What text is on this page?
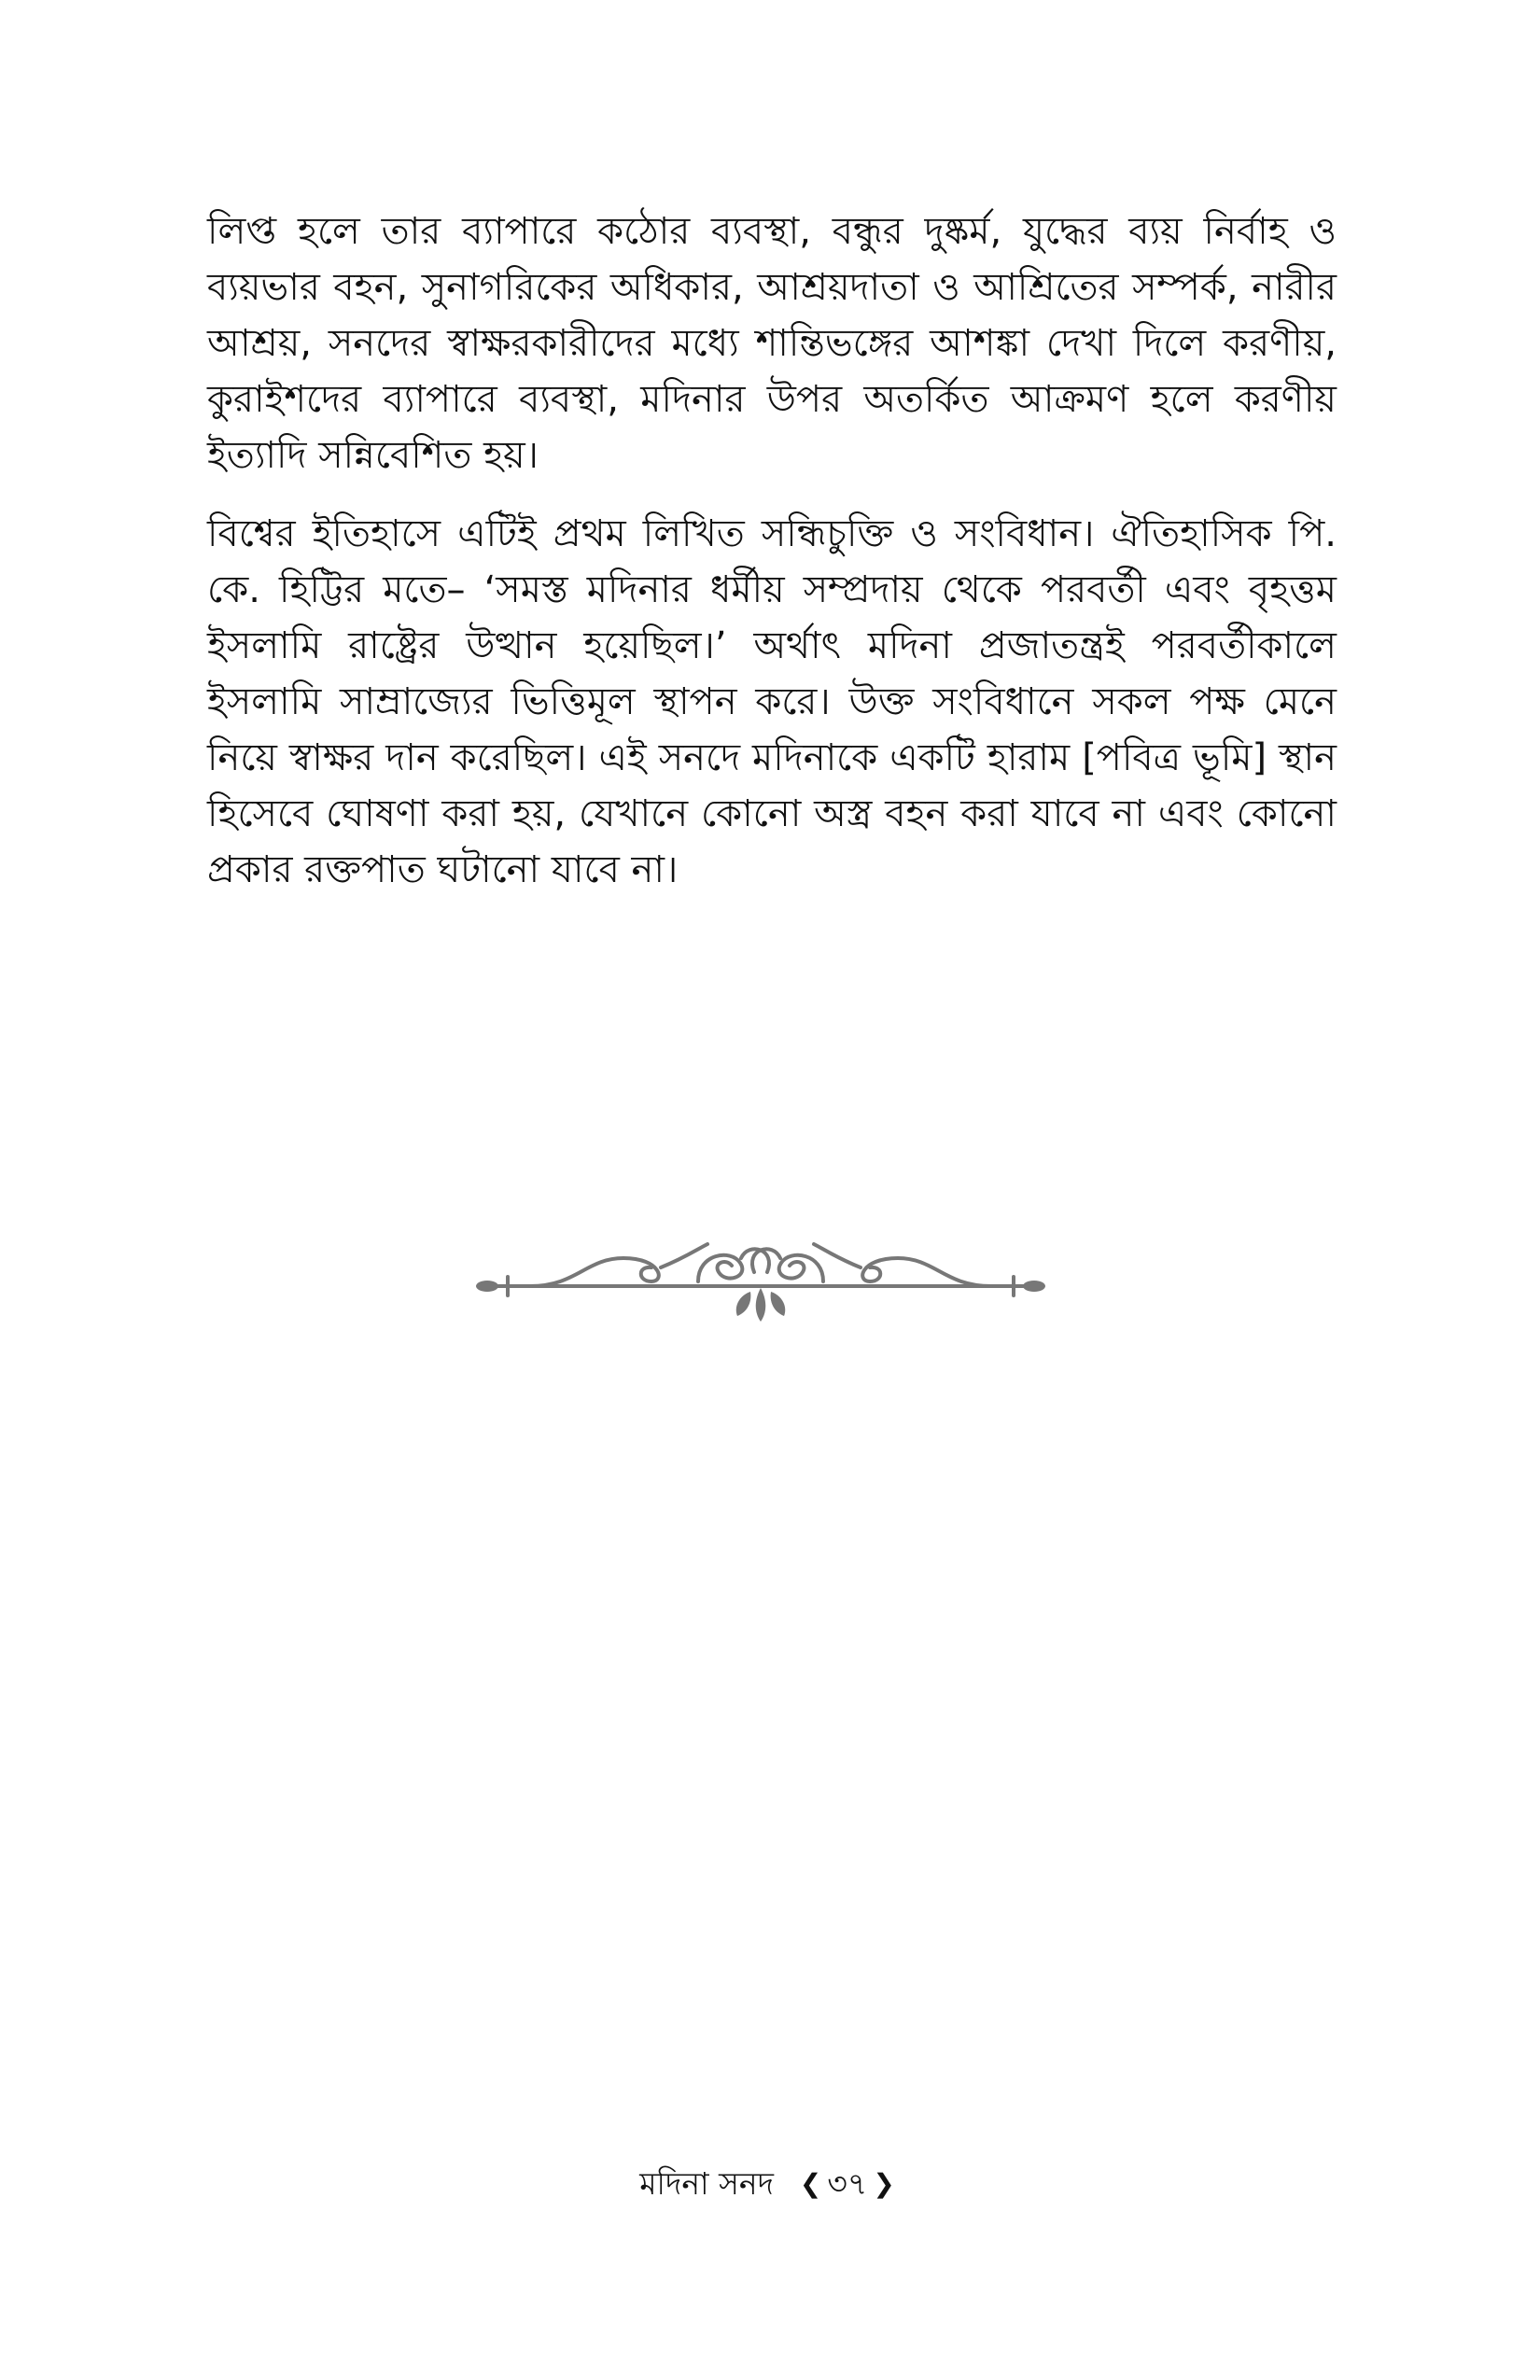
লিপ্ত হলে তার ব্যাপারে কঠোর ব্যবস্থা, বন্ধুর দুষ্কর্ম, যুদ্ধের ব্যয় নির্বাহ ও ব্যয়ভার বহন, সুনাগরিকের অধিকার, আশ্রয়দাতা ও আশ্রিতের সম্পর্ক, নারীর আশ্রয়, সনদের স্বাক্ষরকারীদের মধ্যে শান্তিভঙ্গের আশঙ্কা দেখা দিলে করণীয়, কুরাইশদের ব্যাপারে ব্যবস্থা, মদিনার উপর অতর্কিত আক্রমণ হলে করণীয় ইত্যাদি সন্নিবেশিত হয়।

বিশ্বের ইতিহাসে এটিই প্রথম লিখিত সন্ধিচুক্তি ও সংবিধান। ঐতিহাসিক পি. কে. হিট্টির মতে– ‘সমস্ত মদিনার ধর্মীয় সম্প্রদায় থেকে পরবর্তী এবং বৃহত্তম ইসলামি রাষ্ট্রের উত্থান হয়েছিল।’ অর্থাৎ মদিনা প্রজাতন্ত্রই পরবর্তীকালে ইসলামি সাম্রাজ্যের ভিত্তিমূল স্থাপন করে। উক্ত সংবিধানে সকল পক্ষ মেনে নিয়ে স্বাক্ষর দান করেছিল। এই সনদে মদিনাকে একটি হারাম [পবিত্র ভূমি] স্থান হিসেবে ঘোষণা করা হয়, যেখানে কোনো অস্ত্র বহন করা যাবে না এবং কোনো প্রকার রক্তপাত ঘটানো যাবে না।

মদিনা সনদ ❮ ৩৭ ❯
